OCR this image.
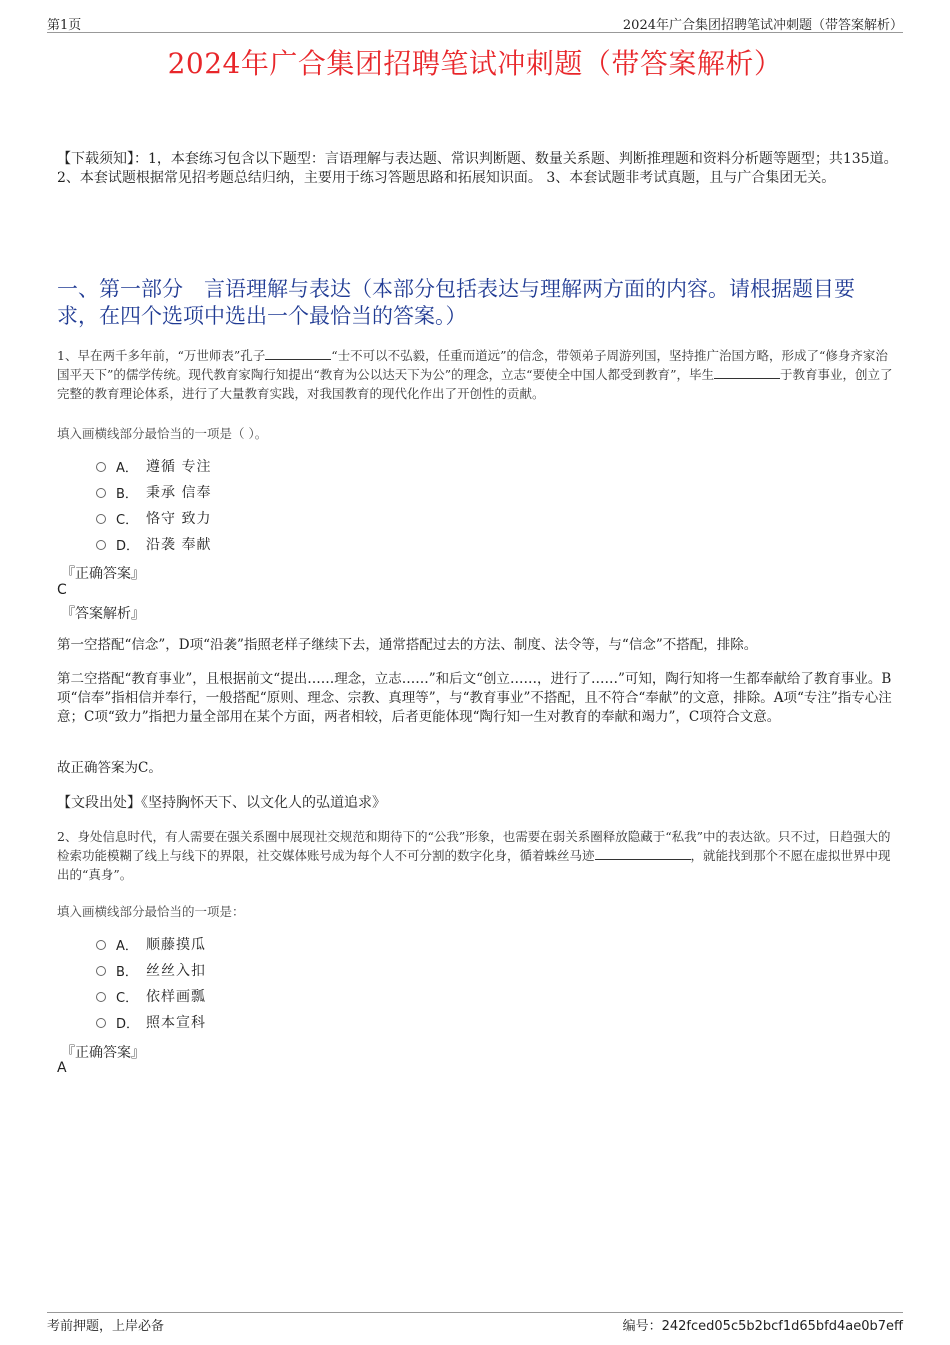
第1页	2024年广合集团招聘笔试冲刺题（带答案解析）
2024年广合集团招聘笔试冲刺题（带答案解析）
【下载须知】：1，本套练习包含以下题型：言语理解与表达题、常识判断题、数量关系题、判断推理题和资料分析题等题型；共135道。 2、本套试题根据常见招考题总结归纳，主要用于练习答题思路和拓展知识面。 3、本套试题非考试真题，且与广合集团无关。
一、第一部分　言语理解与表达（本部分包括表达与理解两方面的内容。请根据题目要求，在四个选项中选出一个最恰当的答案。）
1、早在两千多年前，“万世师表”孔子	“士不可以不弘毅，任重而道远”的信念，带领弟子周游列国，坚持推广治国方略，形成了“修身齐家治国平天下”的儒学传统。现代教育家陶行知提出“教育为公以达天下为公”的理念，立志“要使全中国人都受到教育”，毕生	于教育事业，创立了完整的教育理论体系，进行了大量教育实践，对我国教育的现代化作出了开创性的贡献。
填入画横线部分最恰当的一项是（ ）。
A． 遵循 专注
B． 秉承 信奉
C． 恪守 致力
D． 沿袭 奉献
『正确答案』
C
『答案解析』
第一空搭配“信念”，D项“沿袭”指照老样子继续下去，通常搭配过去的方法、制度、法令等，与“信念”不搭配，排除。
第二空搭配“教育事业”，且根据前文“提出……理念，立志……”和后文“创立……，进行了……”可知，陶行知将一生都奉献给了教育事业。B项“信奉”指相信并奉行，一般搭配“原则、理念、宗教、真理等”，与“教育事业”不搭配，且不符合“奉献”的文意，排除。A项“专注”指专心注意；C项“致力”指把力量全部用在某个方面，两者相较，后者更能体现“陶行知一生对教育的奉献和竭力”，C项符合文意。
故正确答案为C。
【文段出处】《坚持胸怀天下、以文化人的弘道追求》
2、身处信息时代，有人需要在强关系圈中展现社交规范和期待下的“公我”形象，也需要在弱关系圈释放隐藏于“私我”中的表达欲。只不过，日趋强大的检索功能模糊了线上与线下的界限，社交媒体账号成为每个人不可分割的数字化身，循着蛛丝马迹	，就能找到那个不愿在虚拟世界中现出的“真身”。
填入画横线部分最恰当的一项是：
A． 顺藤摸瓜
B． 丝丝入扣
C． 依样画瓢
D． 照本宣科
『正确答案』
A
考前押题，上岸必备	编号：242fced05c5b2bcf1d65bfd4ae0b7eff
